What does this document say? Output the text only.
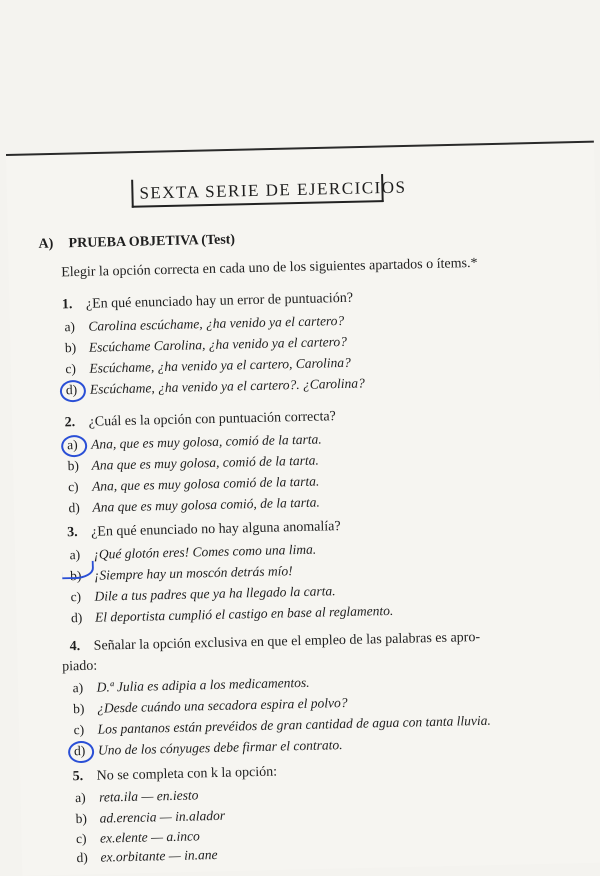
SEXTA SERIE DE EJERCICIOS
A) PRUEBA OBJETIVA (Test)
Elegir la opción correcta en cada uno de los siguientes apartados o ítems.*
1. ¿En qué enunciado hay un error de puntuación?
a) Carolina escúchame, ¿ha venido ya el cartero?
b) Escúchame Carolina, ¿ha venido ya el cartero?
c) Escúchame, ¿ha venido ya el cartero, Carolina?
d) Escúchame, ¿ha venido ya el cartero?. ¿Carolina?
2. ¿Cuál es la opción con puntuación correcta?
a) Ana, que es muy golosa, comió de la tarta.
b) Ana que es muy golosa, comió de la tarta.
c) Ana, que es muy golosa comió de la tarta.
d) Ana que es muy golosa comió, de la tarta.
3. ¿En qué enunciado no hay alguna anomalía?
a) ¡Qué glotón eres! Comes como una lima.
b) ¡Siempre hay un moscón detrás mío!
c) Dile a tus padres que ya ha llegado la carta.
d) El deportista cumplió el castigo en base al reglamento.
4. Señalar la opción exclusiva en que el empleo de las palabras es apro-
piado:
a) D.ª Julia es adipia a los medicamentos.
b) ¿Desde cuándo una secadora espira el polvo?
c) Los pantanos están prevéidos de gran cantidad de agua con tanta lluvia.
d) Uno de los cónyuges debe firmar el contrato.
5. No se completa con k la opción:
a) reta.ila — en.iesto
b) ad.erencia — in.alador
c) ex.elente — a.inco
d) ex.orbitante — in.ane
